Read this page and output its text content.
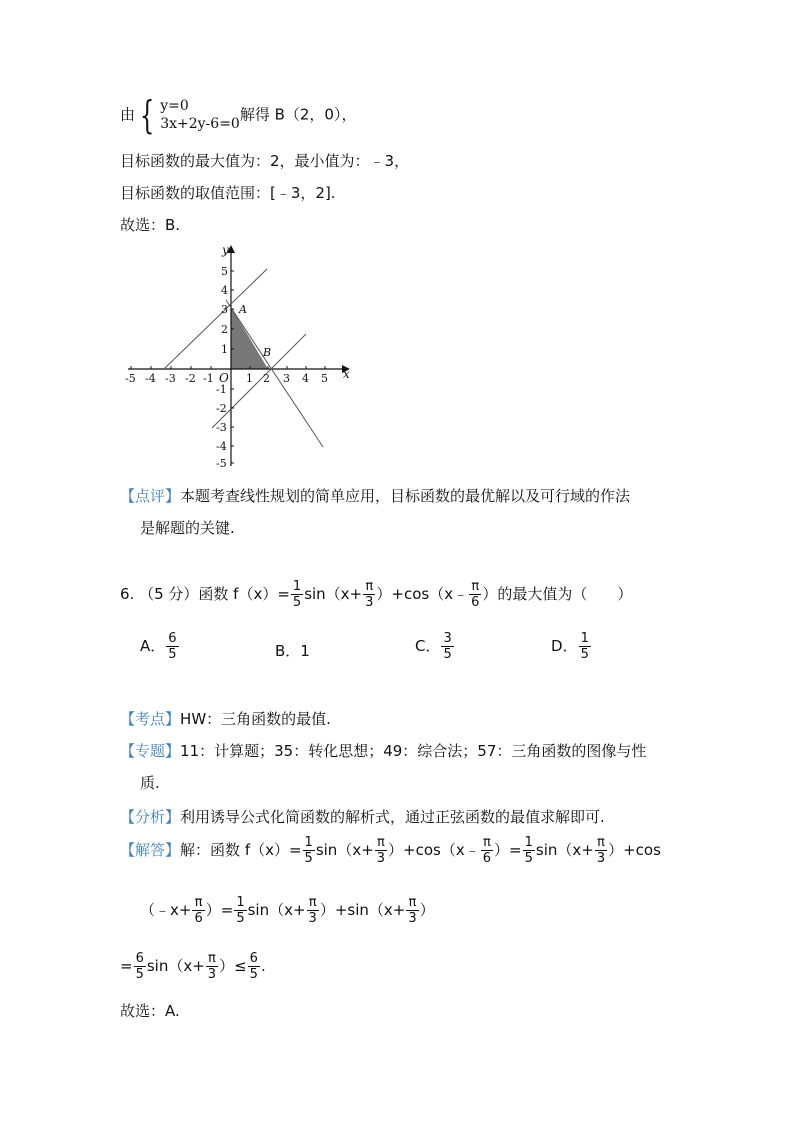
由 { y=0
3x+2y-6=0
解得 B（2，0），
目标函数的最大值为：2，最小值为：﹣3，
目标函数的取值范围：[﹣3，2].
故选：B.
-5 -4 -3 -2 -1	1 2 3 4 5
5
4
3
2
1
-1
-2
-3
-4
-5
O	x
y
A
B
【点评】本题考查线性规划的简单应用，目标函数的最优解以及可行域的作法
是解题的关键.
6. （5 分）函数 $f(x)= \frac{1}{5} \sin(x+ \frac{\pi}{3}$ ）+cos（x﹣ $\frac{\pi}{6}$ ）的最大值为（　　）
A． $\frac{6}{5}$	B．1	C． $\frac{3}{5}$	D． $\frac{1}{5}$
【考点】HW：三角函数的最值.
【专题】11：计算题；35：转化思想；49：综合法；57：三角函数的图像与性
质.
【分析】利用诱导公式化简函数的解析式，通过正弦函数的最值求解即可.
【解答】解：函数 $f(x)= \frac{1}{5} \sin(x+ \frac{\pi}{3}$ ）+cos（x﹣ $\frac{\pi}{6}$ ）= $\frac{1}{5} \sin(x+ \frac{\pi}{3} )+\cos$
（﹣x+ $\frac{\pi}{6}$ ）= $\frac{1}{5} \sin(x+ \frac{\pi}{3} )+\sin(x+ \frac{\pi}{3}$ ）
= $\frac{6}{5} \sin(x+ \frac{\pi}{3}$ ）≤ $\frac{6}{5}$ .
故选：A.
